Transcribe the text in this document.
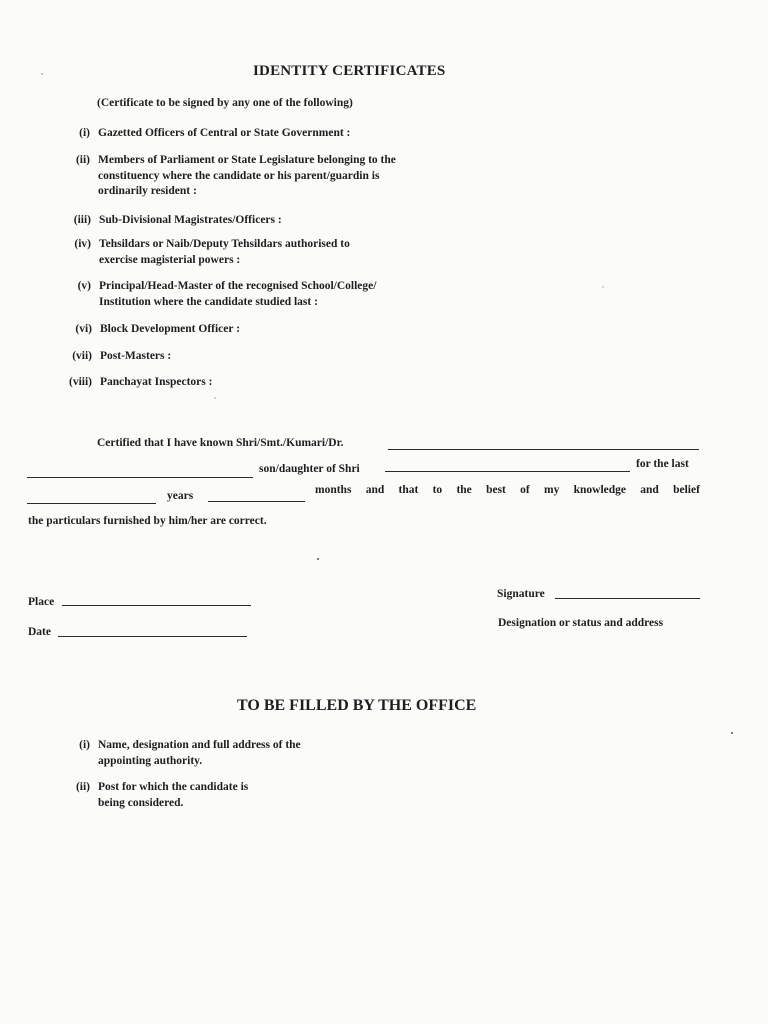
IDENTITY CERTIFICATES
(Certificate to be signed by any one of the following)
(i) Gazetted Officers of Central or State Government :
(ii) Members of Parliament or State Legislature belonging to the
constituency where the candidate or his parent/guardin is
ordinarily resident :
(iii) Sub-Divisional Magistrates/Officers :
(iv) Tehsildars or Naib/Deputy Tehsildars authorised to
exercise magisterial powers :
(v) Principal/Head-Master of the recognised School/College/
Institution where the candidate studied last :
(vi) Block Development Officer :
(vii) Post-Masters :
(viii) Panchayat Inspectors :
Certified that I have known Shri/Smt./Kumari/Dr.
son/daughter of Shri	for the last
years	months and that to the best of my knowledge and belief
the particulars furnished by him/her are correct.
Place
Date
Signature
Designation or status and address
TO BE FILLED BY THE OFFICE
(i) Name, designation and full address of the
appointing authority.
(ii) Post for which the candidate is
being considered.
